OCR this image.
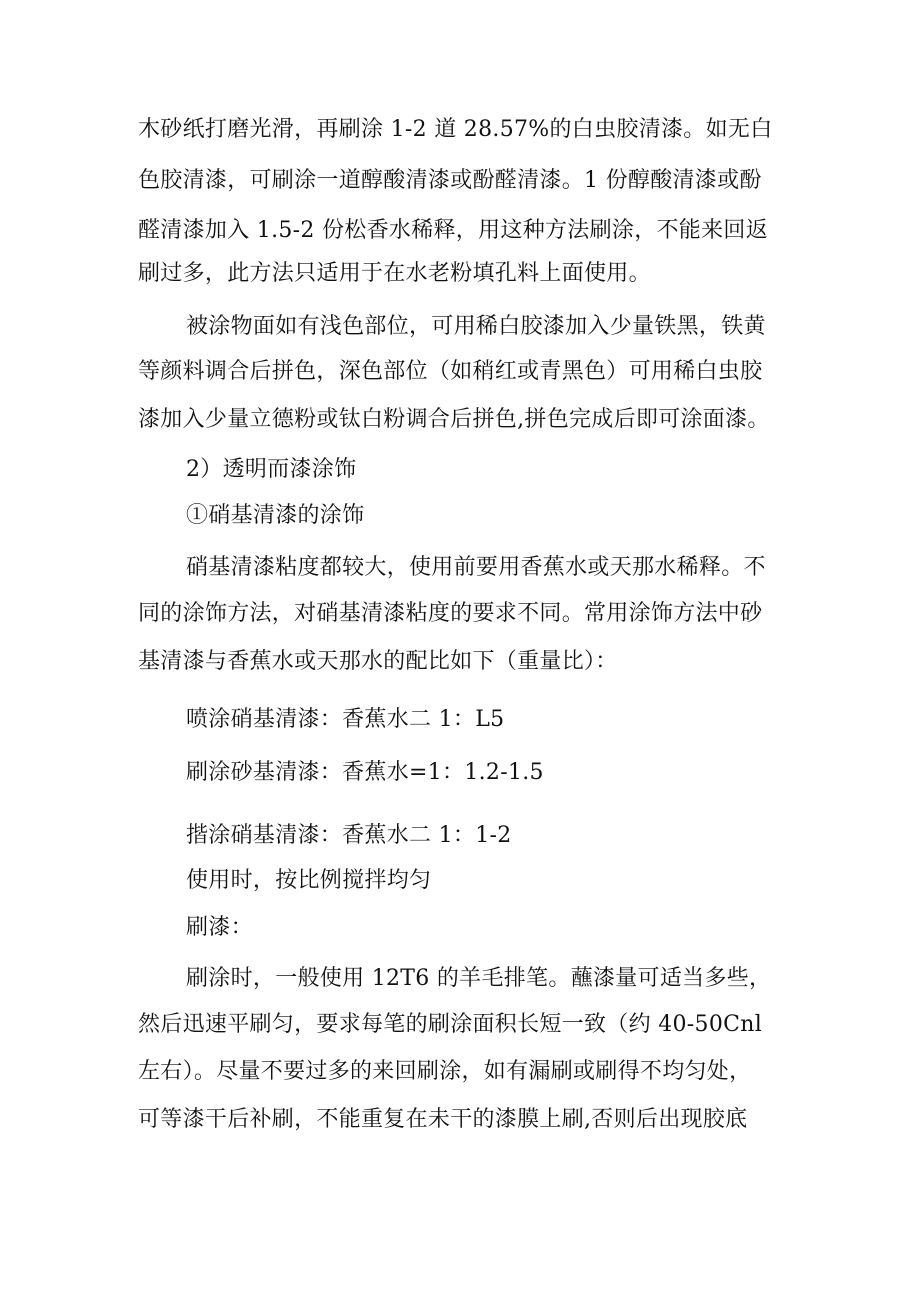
木砂纸打磨光滑，再刷涂 1-2 道 28.57%的白虫胶清漆。如无白
色胶清漆，可刷涂一道醇酸清漆或酚醛清漆。1 份醇酸清漆或酚
醛清漆加入 1.5-2 份松香水稀释，用这种方法刷涂，不能来回返
刷过多，此方法只适用于在水老粉填孔料上面使用。
被涂物面如有浅色部位，可用稀白胶漆加入少量铁黑，铁黄
等颜料调合后拼色，深色部位（如稍红或青黑色）可用稀白虫胶
漆加入少量立德粉或钛白粉调合后拼色,拼色完成后即可涂面漆。
2）透明而漆涂饰
①硝基清漆的涂饰
硝基清漆粘度都较大，使用前要用香蕉水或天那水稀释。不
同的涂饰方法，对硝基清漆粘度的要求不同。常用涂饰方法中砂
基清漆与香蕉水或天那水的配比如下（重量比）：
喷涂硝基清漆：香蕉水二 1：L5
刷涂砂基清漆：香蕉水=1：1.2-1.5
揩涂硝基清漆：香蕉水二 1：1-2
使用时，按比例搅拌均匀
刷漆：
刷涂时，一般使用 12T6 的羊毛排笔。蘸漆量可适当多些，
然后迅速平刷匀，要求每笔的刷涂面积长短一致（约 40-50Cnl
左右）。尽量不要过多的来回刷涂，如有漏刷或刷得不均匀处，
可等漆干后补刷，不能重复在未干的漆膜上刷,否则后出现胶底
